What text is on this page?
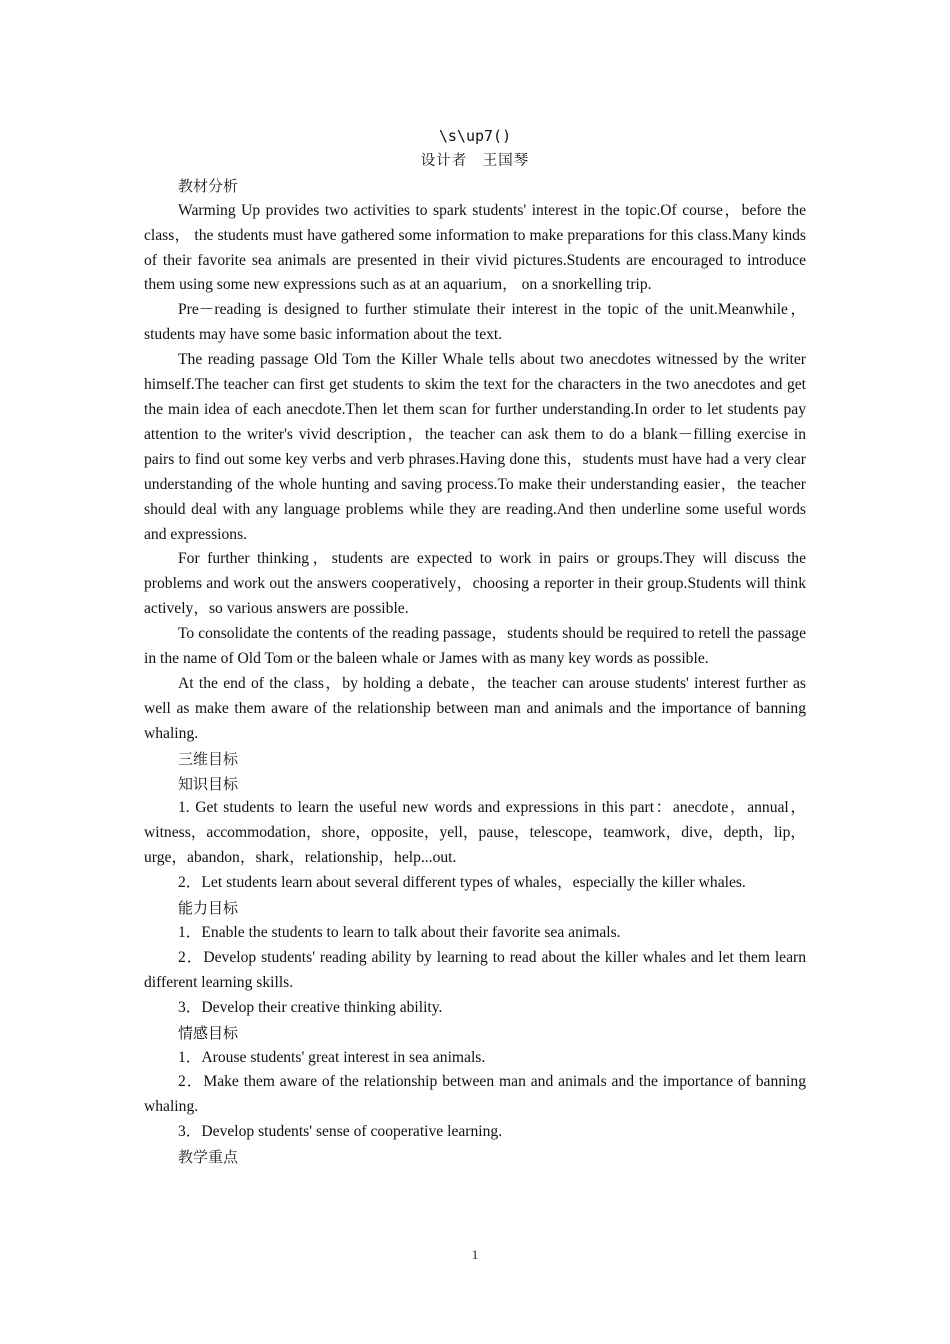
\s\up7()
设计者　王国琴
教材分析

Warming Up provides two activities to spark students' interest in the topic.Of course，before the class， the students must have gathered some information to make preparations for this class.Many kinds of their favorite sea animals are presented in their vivid pictures.Students are encouraged to introduce them using some new expressions such as at an aquarium， on a snorkelling trip.

Pre－reading is designed to further stimulate their interest in the topic of the unit.Meanwhile，students may have some basic information about the text.

The reading passage Old Tom the Killer Whale tells about two anecdotes witnessed by the writer himself.The teacher can first get students to skim the text for the characters in the two anecdotes and get the main idea of each anecdote.Then let them scan for further understanding.In order to let students pay attention to the writer's vivid description，the teacher can ask them to do a blank－filling exercise in pairs to find out some key verbs and verb phrases.Having done this，students must have had a very clear understanding of the whole hunting and saving process.To make their understanding easier，the teacher should deal with any language problems while they are reading.And then underline some useful words and expressions.

For further thinking，students are expected to work in pairs or groups.They will discuss the problems and work out the answers cooperatively，choosing a reporter in their group.Students will think actively，so various answers are possible.

To consolidate the contents of the reading passage，students should be required to retell the passage in the name of Old Tom or the baleen whale or James with as many key words as possible.

At the end of the class，by holding a debate，the teacher can arouse students' interest further as well as make them aware of the relationship between man and animals and the importance of banning whaling.

三维目标
知识目标

1. Get students to learn the useful new words and expressions in this part：anecdote，annual，witness，accommodation，shore，opposite，yell，pause，telescope，teamwork，dive，depth，lip，urge，abandon，shark，relationship，help...out.

2．Let students learn about several different types of whales，especially the killer whales.

能力目标

1．Enable the students to learn to talk about their favorite sea animals.

2．Develop students' reading ability by learning to read about the killer whales and let them learn different learning skills.

3．Develop their creative thinking ability.

情感目标

1．Arouse students' great interest in sea animals.

2．Make them aware of the relationship between man and animals and the importance of banning whaling.

3．Develop students' sense of cooperative learning.

教学重点
1
